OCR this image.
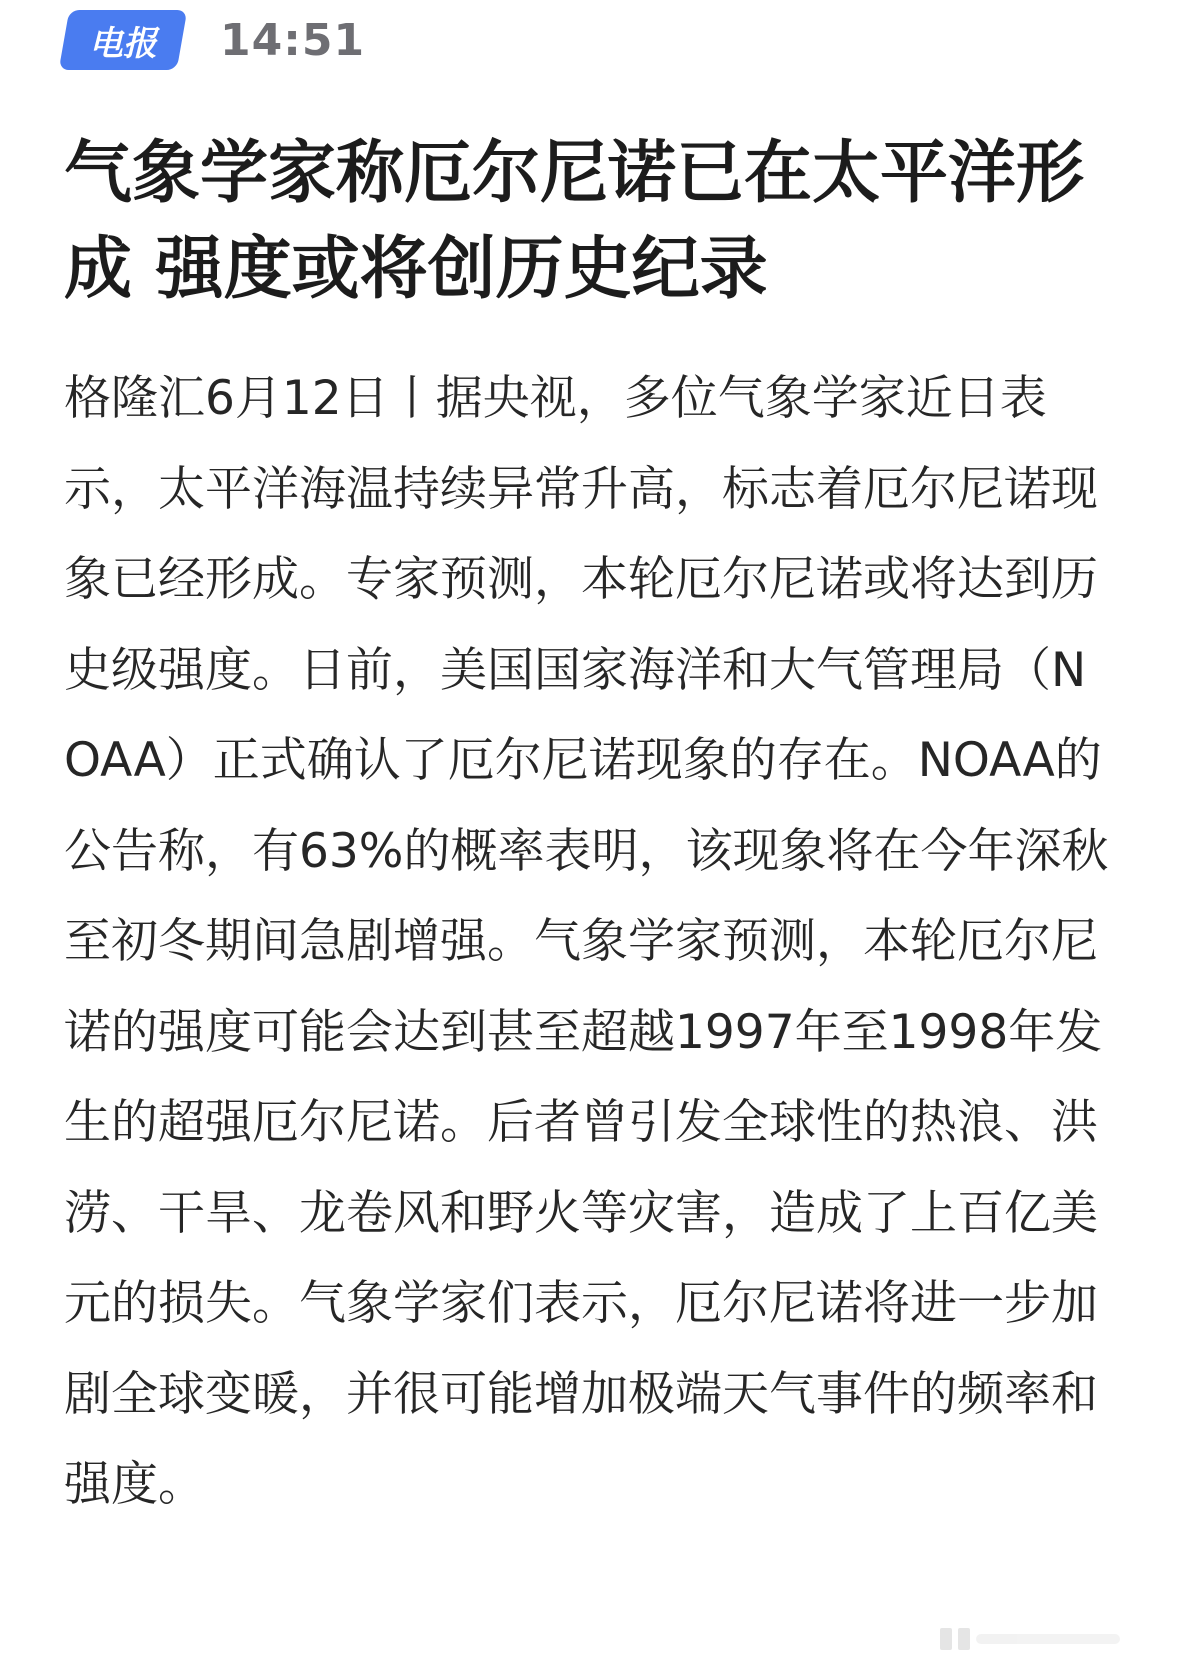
电报 14:51
气象学家称厄尔尼诺已在太平洋形成 强度或将创历史纪录

格隆汇6月12日丨据央视，多位气象学家近日表示，太平洋海温持续异常升高，标志着厄尔尼诺现象已经形成。专家预测，本轮厄尔尼诺或将达到历史级强度。日前，美国国家海洋和大气管理局（NOAA）正式确认了厄尔尼诺现象的存在。NOAA的公告称，有63%的概率表明，该现象将在今年深秋至初冬期间急剧增强。气象学家预测，本轮厄尔尼诺的强度可能会达到甚至超越1997年至1998年发生的超强厄尔尼诺。后者曾引发全球性的热浪、洪涝、干旱、龙卷风和野火等灾害，造成了上百亿美元的损失。气象学家们表示，厄尔尼诺将进一步加剧全球变暖，并很可能增加极端天气事件的频率和强度。
